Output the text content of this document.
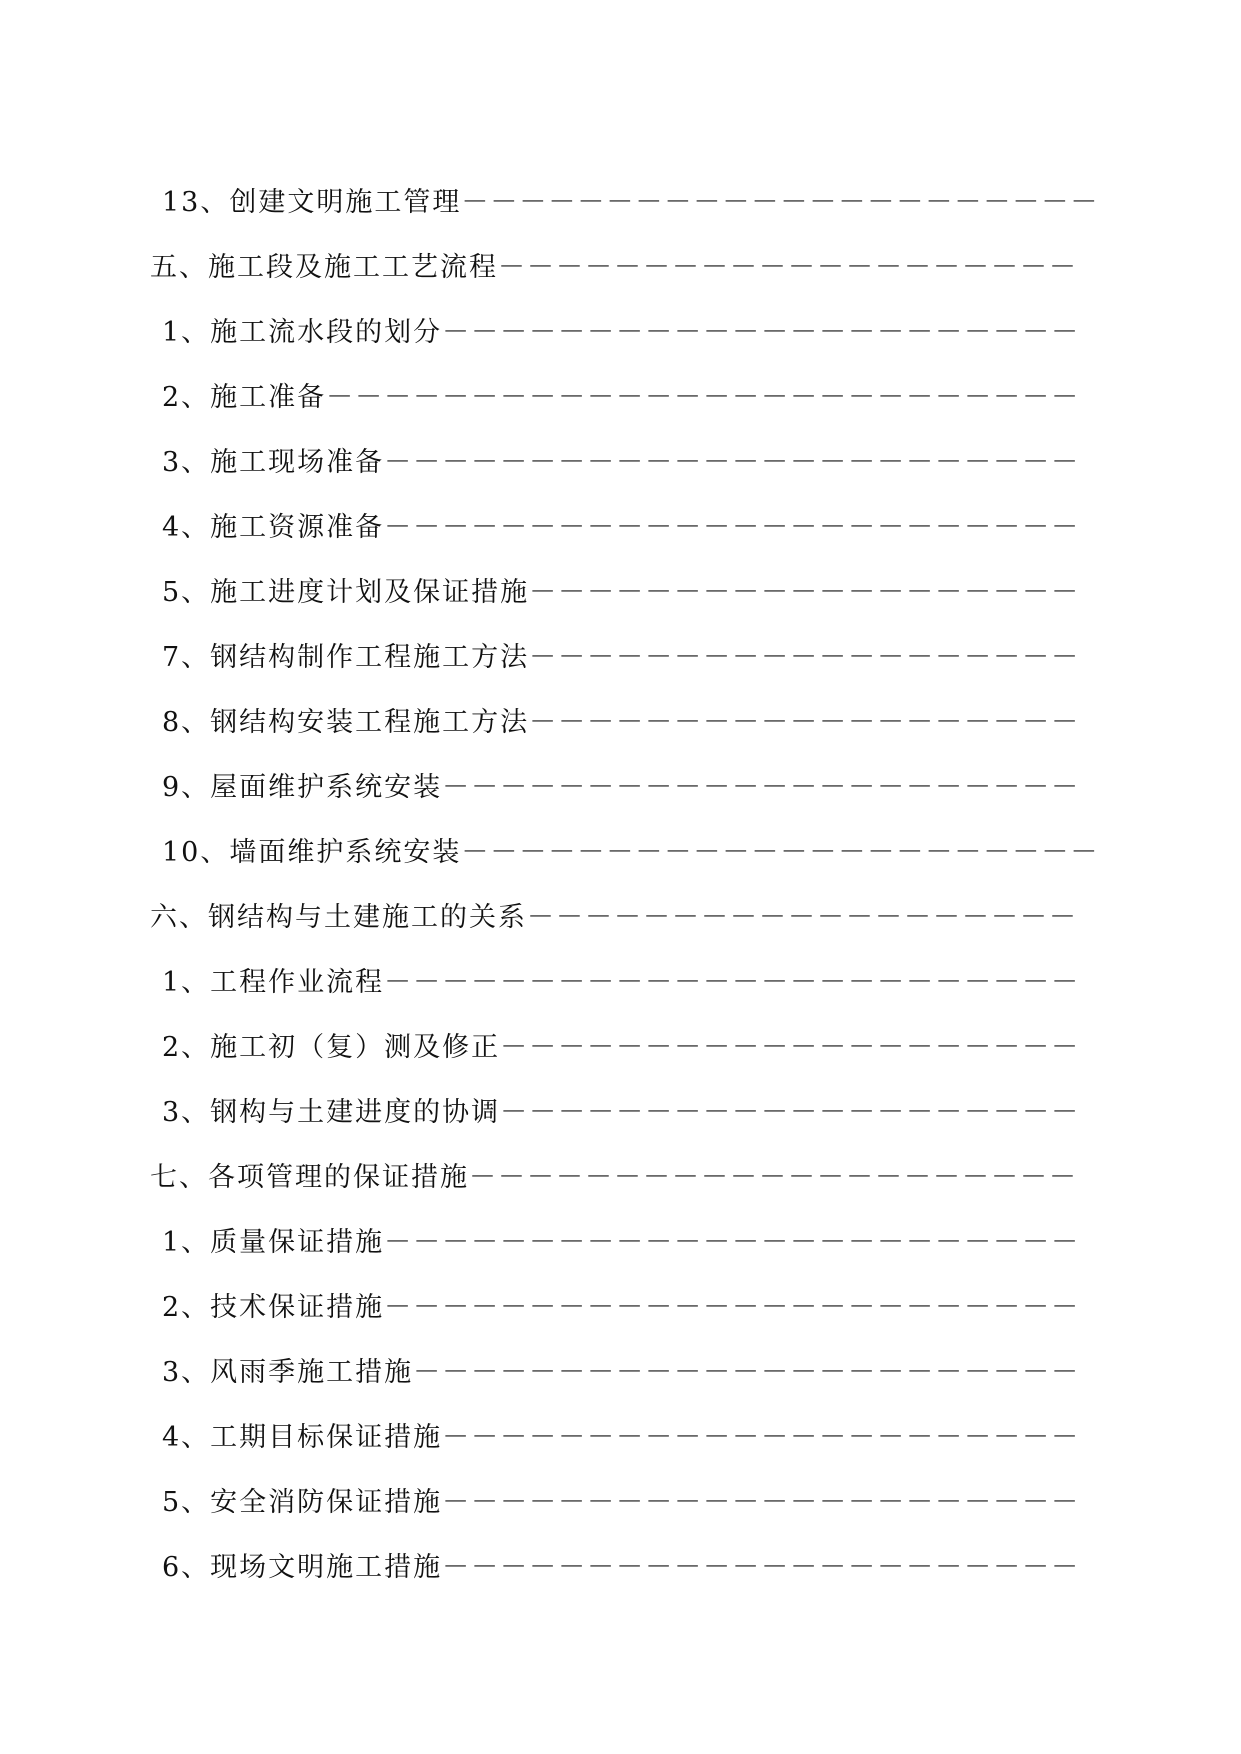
13、创建文明施工管理－－－－－－－－－－－－－－－－－－－－－－
五、施工段及施工工艺流程－－－－－－－－－－－－－－－－－－－－
1、施工流水段的划分－－－－－－－－－－－－－－－－－－－－－－
2、施工准备－－－－－－－－－－－－－－－－－－－－－－－－－－
3、施工现场准备－－－－－－－－－－－－－－－－－－－－－－－－
4、施工资源准备－－－－－－－－－－－－－－－－－－－－－－－－
5、施工进度计划及保证措施－－－－－－－－－－－－－－－－－－－
7、钢结构制作工程施工方法－－－－－－－－－－－－－－－－－－－
8、钢结构安装工程施工方法－－－－－－－－－－－－－－－－－－－
9、屋面维护系统安装－－－－－－－－－－－－－－－－－－－－－－
10、墙面维护系统安装－－－－－－－－－－－－－－－－－－－－－－
六、钢结构与土建施工的关系－－－－－－－－－－－－－－－－－－－
1、工程作业流程－－－－－－－－－－－－－－－－－－－－－－－－
2、施工初（复）测及修正－－－－－－－－－－－－－－－－－－－－
3、钢构与土建进度的协调－－－－－－－－－－－－－－－－－－－－
七、各项管理的保证措施－－－－－－－－－－－－－－－－－－－－－
1、质量保证措施－－－－－－－－－－－－－－－－－－－－－－－－
2、技术保证措施－－－－－－－－－－－－－－－－－－－－－－－－
3、风雨季施工措施－－－－－－－－－－－－－－－－－－－－－－－
4、工期目标保证措施－－－－－－－－－－－－－－－－－－－－－－
5、安全消防保证措施－－－－－－－－－－－－－－－－－－－－－－
6、现场文明施工措施－－－－－－－－－－－－－－－－－－－－－－
